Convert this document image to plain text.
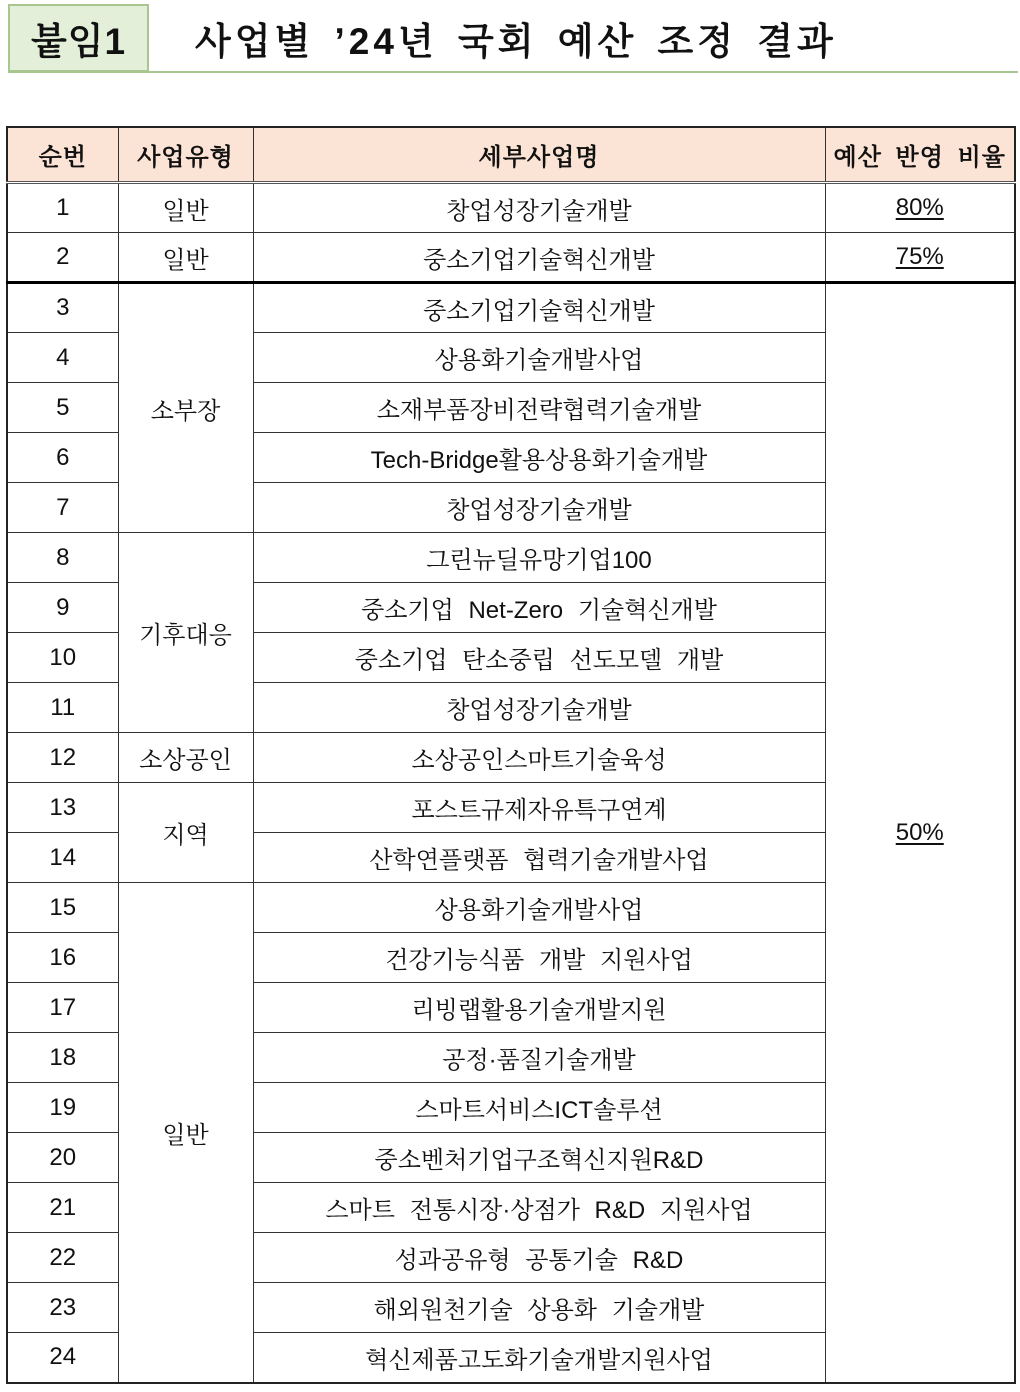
붙임1	사업별 ’24년 국회 예산 조정 결과
순번	사업유형	세부사업명	예산 반영 비율
1	일반	창업성장기술개발	80%
2	일반	중소기업기술혁신개발	75%
3	소부장	중소기업기술혁신개발	50%
4		상용화기술개발사업	
5		소재부품장비전략협력기술개발	
6		Tech-Bridge활용상용화기술개발	
7		창업성장기술개발	
8	기후대응	그린뉴딜유망기업100	
9		중소기업 Net-Zero 기술혁신개발	
10		중소기업 탄소중립 선도모델 개발	
11		창업성장기술개발	
12	소상공인	소상공인스마트기술육성	
13	지역	포스트규제자유특구연계	
14		산학연플랫폼 협력기술개발사업	
15	일반	상용화기술개발사업	
16		건강기능식품 개발 지원사업	
17		리빙랩활용기술개발지원	
18		공정·품질기술개발	
19		스마트서비스ICT솔루션	
20		중소벤처기업구조혁신지원R&D	
21		스마트 전통시장·상점가 R&D 지원사업	
22		성과공유형 공통기술 R&D	
23		해외원천기술 상용화 기술개발	
24		혁신제품고도화기술개발지원사업	
